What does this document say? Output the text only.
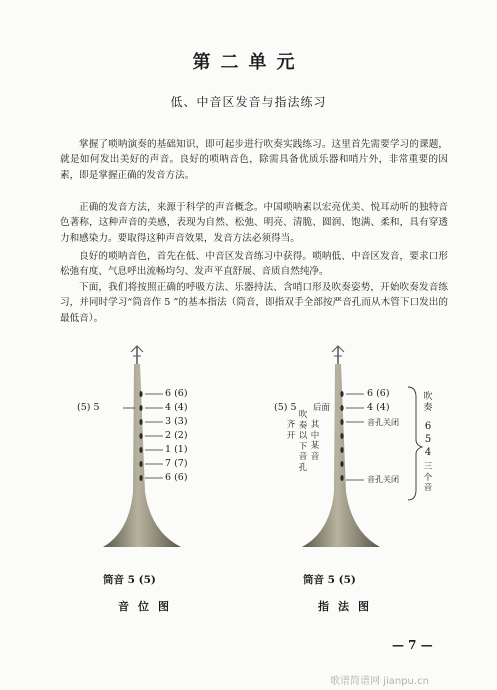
第二单元
低、中音区发音与指法练习

掌握了唢呐演奏的基础知识，即可起步进行吹奏实践练习。这里首先需要学习的课题，就是如何发出美好的声音。良好的唢呐音色，除需具备优质乐器和哨片外，非常重要的因素，即是掌握正确的发音方法。

正确的发音方法，来源于科学的声音概念。中国唢呐素以宏亮优美、悦耳动听的独特音色著称，这种声音的美感，表现为自然、松弛、明亮、清脆、圆润、饱满、柔和，具有穿透力和感染力。要取得这种声音效果，发音方法必须得当。

良好的唢呐音色，首先在低、中音区发音练习中获得。唢呐低、中音区发音，要求口形松弛有度、气息呼出流畅均匀、发声平直舒展、音质自然纯净。

下面，我们将按照正确的呼吸方法、乐器持法、含哨口形及吹奏姿势，开始吹奏发音练习，并同时学习“筒音作 5 ”的基本指法（筒音，即指双手全部按严音孔而从木管下口发出的最低音）。

(5) 5
6 (6)
4 (4)
3 (3)
2 (2)
1 (1)
7 (7)
6 (6)
筒音 5 (5)
音位图
(5) 5 后面
6 (6)
4 (4)
音孔关闭
音孔关闭
齐
开
吹
奏
以
下
音
孔
其
中
某
音
吹奏
6
5
4
三个音
筒音 5 (5)
指法图
— 7 —
歌谱简谱网 jianpu.cn
